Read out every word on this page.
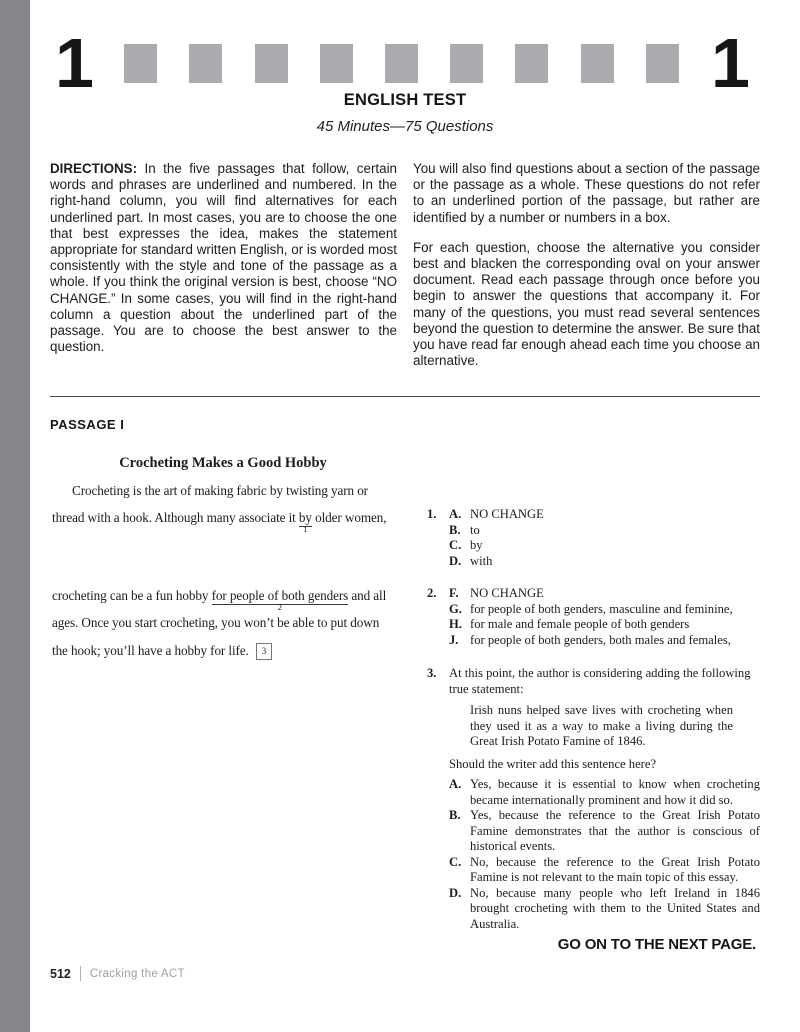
1	1
ENGLISH TEST
45 Minutes—75 Questions
DIRECTIONS: In the five passages that follow, certain words and phrases are underlined and numbered. In the right-hand column, you will find alternatives for each underlined part. In most cases, you are to choose the one that best expresses the idea, makes the statement appropriate for standard written English, or is worded most consistently with the style and tone of the passage as a whole. If you think the original version is best, choose “NO CHANGE.” In some cases, you will find in the right-hand column a question about the underlined part of the passage. You are to choose the best answer to the question.

You will also find questions about a section of the passage or the passage as a whole. These questions do not refer to an underlined portion of the passage, but rather are identified by a number or numbers in a box.

For each question, choose the alternative you consider best and blacken the corresponding oval on your answer document. Read each passage through once before you begin to answer the questions that accompany it. For many of the questions, you must read several sentences beyond the question to determine the answer. Be sure that you have read far enough ahead each time you choose an alternative.

PASSAGE I
Crocheting Makes a Good Hobby
Crocheting is the art of making fabric by twisting yarn or
thread with a hook. Although many associate it by
1
older women,
crocheting can be a fun hobby for people of both genders
2
and all
ages. Once you start crocheting, you won’t be able to put down
the hook; you’ll have a hobby for life. 3
1. A. NO CHANGE
B. to
C. by
D. with
2. F. NO CHANGE
G. for people of both genders, masculine and feminine,
H. for male and female people of both genders
J. for people of both genders, both males and females,
3. At this point, the author is considering adding the following true statement:
Irish nuns helped save lives with crocheting when they used it as a way to make a living during the Great Irish Potato Famine of 1846.
Should the writer add this sentence here?
A. Yes, because it is essential to know when crocheting became internationally prominent and how it did so.
B. Yes, because the reference to the Great Irish Potato Famine demonstrates that the author is conscious of historical events.
C. No, because the reference to the Great Irish Potato Famine is not relevant to the main topic of this essay.
D. No, because many people who left Ireland in 1846 brought crocheting with them to the United States and Australia.
GO ON TO THE NEXT PAGE.
512 Cracking the ACT
